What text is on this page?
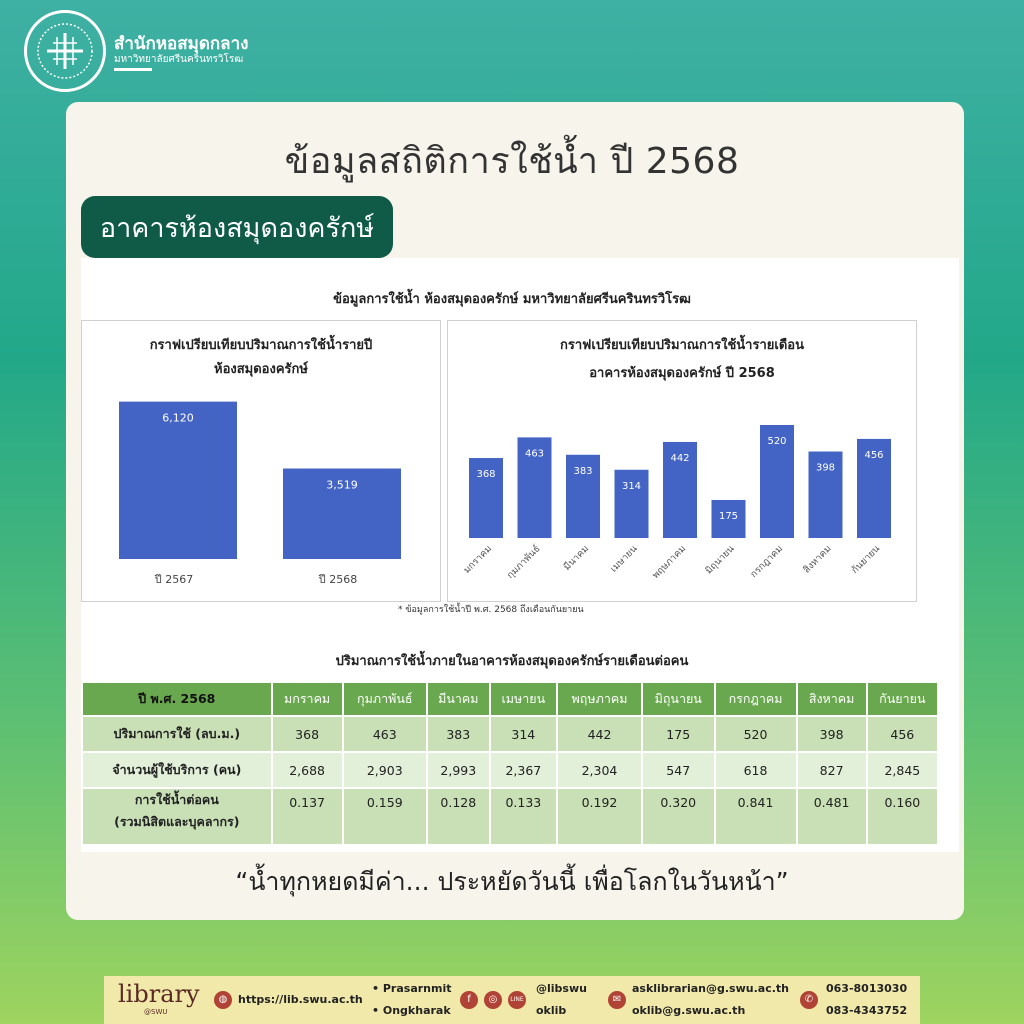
สำนักหอสมุดกลาง
มหาวิทยาลัยศรีนครินทรวิโรฒ
ข้อมูลสถิติการใช้น้ำ ปี 2568
อาคารห้องสมุดองครักษ์
ข้อมูลการใช้น้ำ ห้องสมุดองครักษ์ มหาวิทยาลัยศรีนครินทรวิโรฒ
กราฟเปรียบเทียบปริมาณการใช้น้ำรายปี
ห้องสมุดองครักษ์
6,120
ปี 2567
3,519
ปี 2568
กราฟเปรียบเทียบปริมาณการใช้น้ำรายเดือน
อาคารห้องสมุดองครักษ์ ปี 2568
368
มกราคม
463
กุมภาพันธ์
383
มีนาคม
314
เมษายน
442
พฤษภาคม
175
มิถุนายน
520
กรกฎาคม
398
สิงหาคม
456
กันยายน
* ข้อมูลการใช้น้ำปี พ.ศ. 2568 ถึงเดือนกันยายน
ปริมาณการใช้น้ำภายในอาคารห้องสมุดองครักษ์รายเดือนต่อคน
ปี พ.ศ. 2568	มกราคม	กุมภาพันธ์	มีนาคม	เมษายน	พฤษภาคม	มิถุนายน	กรกฎาคม	สิงหาคม	กันยายน
ปริมาณการใช้ (ลบ.ม.)	368	463	383	314	442	175	520	398	456
จำนวนผู้ใช้บริการ (คน)	2,688	2,903	2,993	2,367	2,304	547	618	827	2,845

การใช้น้ำต่อคน
(รวมนิสิตและบุคลากร)	0.137	0.159	0.128	0.133	0.192	0.320	0.841	0.481	0.160
“น้ำทุกหยดมีค่า... ประหยัดวันนี้ เพื่อโลกในวันหน้า”
library
@SWU
◍ https://lib.swu.ac.th
• Prasarnmit
• Ongkharak
f	◎	LINE
@libswu
oklib
✉
asklibrarian@g.swu.ac.th
oklib@g.swu.ac.th
✆
063-8013030
083-4343752
